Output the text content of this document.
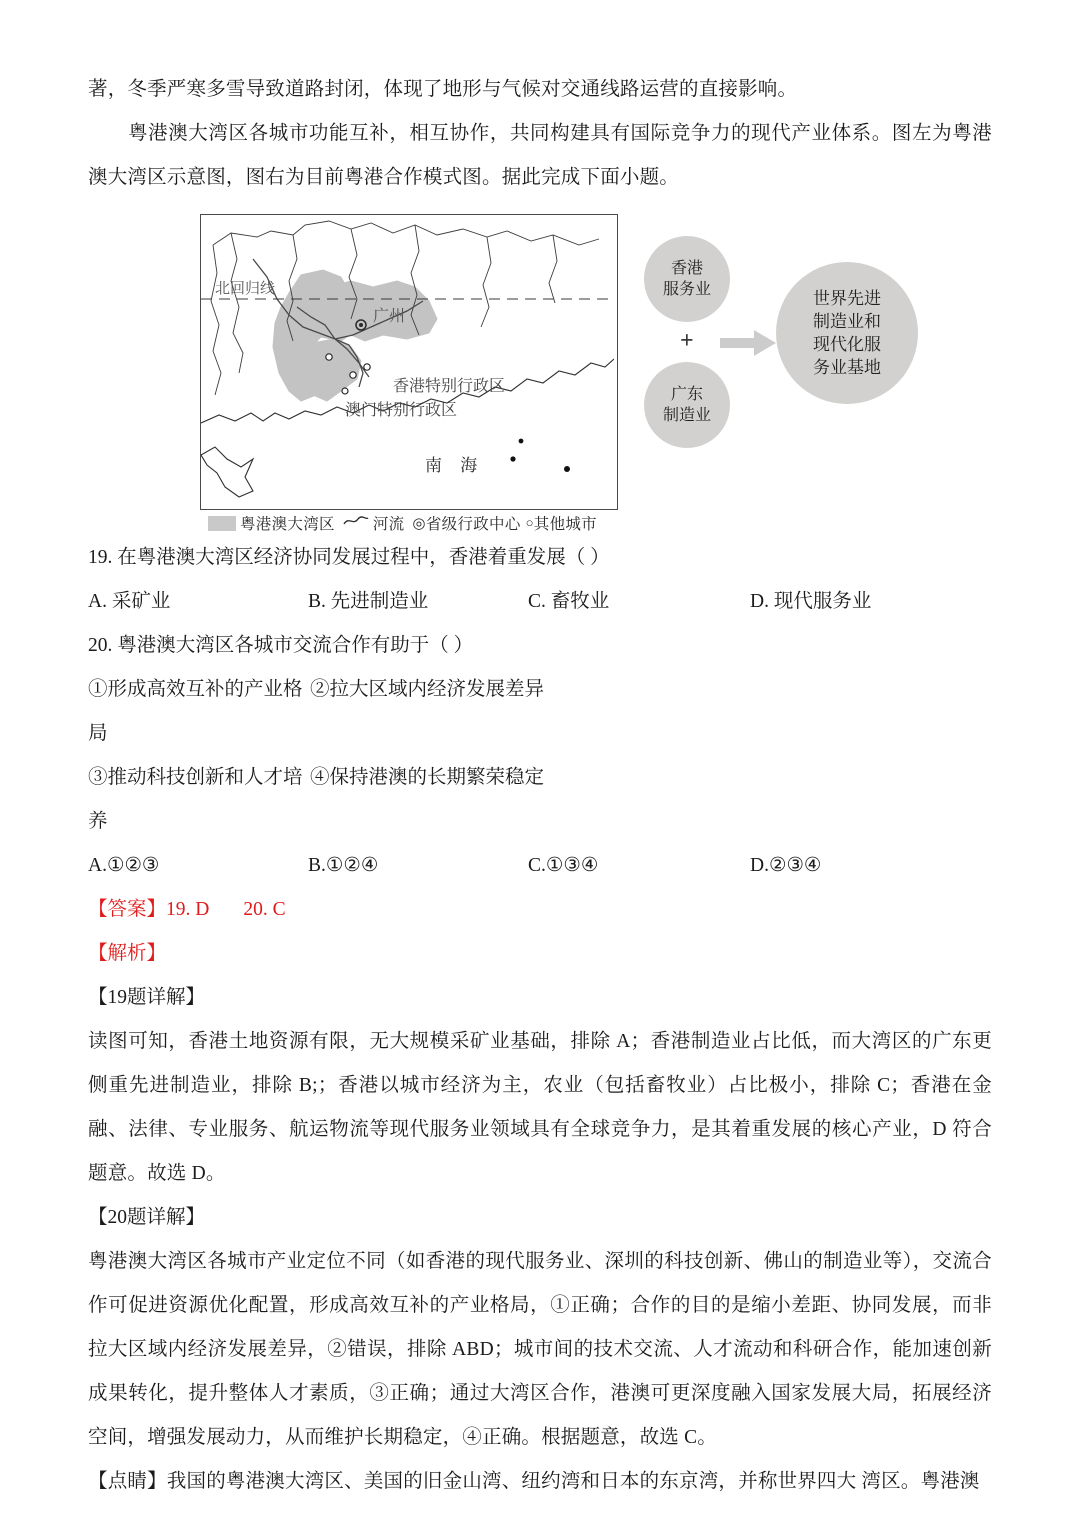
著，冬季严寒多雪导致道路封闭，体现了地形与气候对交通线路运营的直接影响。

粤港澳大湾区各城市功能互补，相互协作，共同构建具有国际竞争力的现代产业体系。图左为粤港澳大湾区示意图，图右为目前粤港合作模式图。据此完成下面小题。

北回归线
广州
香港特别行政区
澳门特别行政区
南 海
粤港澳大湾区 河流 ◎ 省级行政中心 ○ 其他城市
香港
服务业
+
广东
制造业
世界先进
制造业和
现代化服
务业基地
19. 在粤港澳大湾区经济协同发展过程中，香港着重发展（ ）
A. 采矿业	B. 先进制造业	C. 畜牧业	D. 现代服务业
20. 粤港澳大湾区各城市交流合作有助于（ ）
①形成高效互补的产业格局
②拉大区域内经济发展差异
③推动科技创新和人才培养
④保持港澳的长期繁荣稳定
A.①②③	B.①②④	C.①③④	D.②③④
【答案】19. D 20. C
【解析】
【19题详解】

读图可知，香港土地资源有限，无大规模采矿业基础，排除 A；香港制造业占比低，而大湾区的广东更侧重先进制造业，排除 B;；香港以城市经济为主，农业（包括畜牧业）占比极小，排除 C；香港在金融、法律、专业服务、航运物流等现代服务业领域具有全球竞争力，是其着重发展的核心产业，D 符合题意。故选 D。

【20题详解】

粤港澳大湾区各城市产业定位不同（如香港的现代服务业、深圳的科技创新、佛山的制造业等），交流合作可促进资源优化配置，形成高效互补的产业格局，①正确；合作的目的是缩小差距、协同发展，而非拉大区域内经济发展差异，②错误，排除 ABD；城市间的技术交流、人才流动和科研合作，能加速创新成果转化，提升整体人才素质，③正确；通过大湾区合作，港澳可更深度融入国家发展大局，拓展经济空间，增强发展动力，从而维护长期稳定，④正确。根据题意，故选 C。

【点睛】我国的粤港澳大湾区、美国的旧金山湾、纽约湾和日本的东京湾，并称世界四大 湾区。粤港澳
